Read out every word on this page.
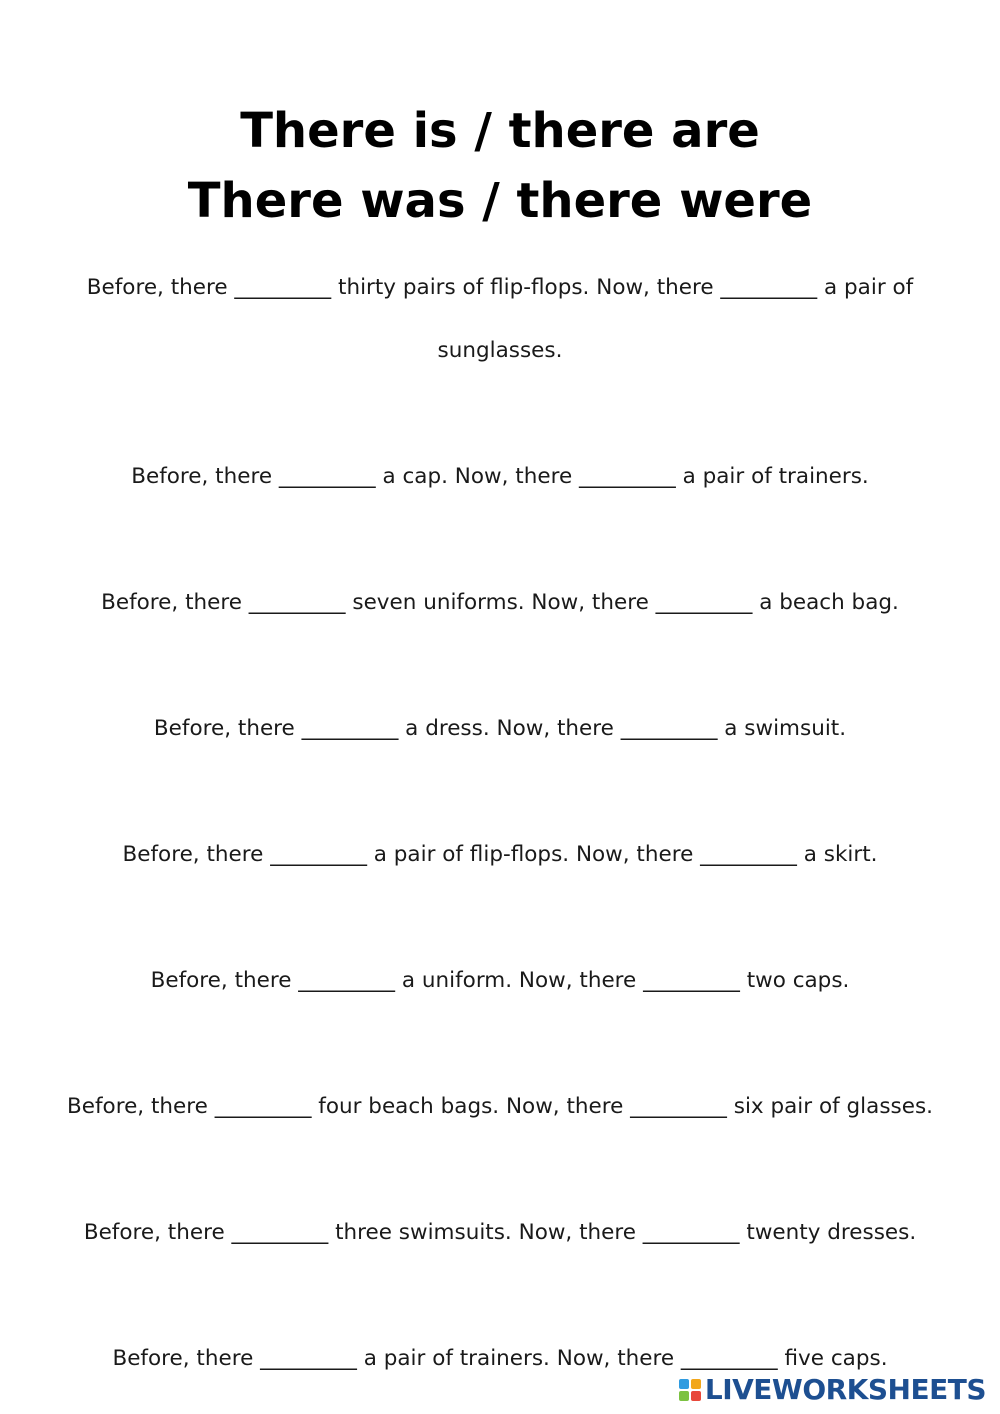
There is / there are
There was / there were

Before, there _________ thirty pairs of flip-flops. Now, there _________ a pair of sunglasses.

Before, there _________ a cap. Now, there _________ a pair of trainers.

Before, there _________ seven uniforms. Now, there _________ a beach bag.

Before, there _________ a dress. Now, there _________ a swimsuit.

Before, there _________ a pair of flip-flops. Now, there _________ a skirt.

Before, there _________ a uniform. Now, there _________ two caps.

Before, there _________ four beach bags. Now, there _________ six pair of glasses.

Before, there _________ three swimsuits. Now, there _________ twenty dresses.

Before, there _________ a pair of trainers. Now, there _________ five caps.

LIVEWORKSHEETS
